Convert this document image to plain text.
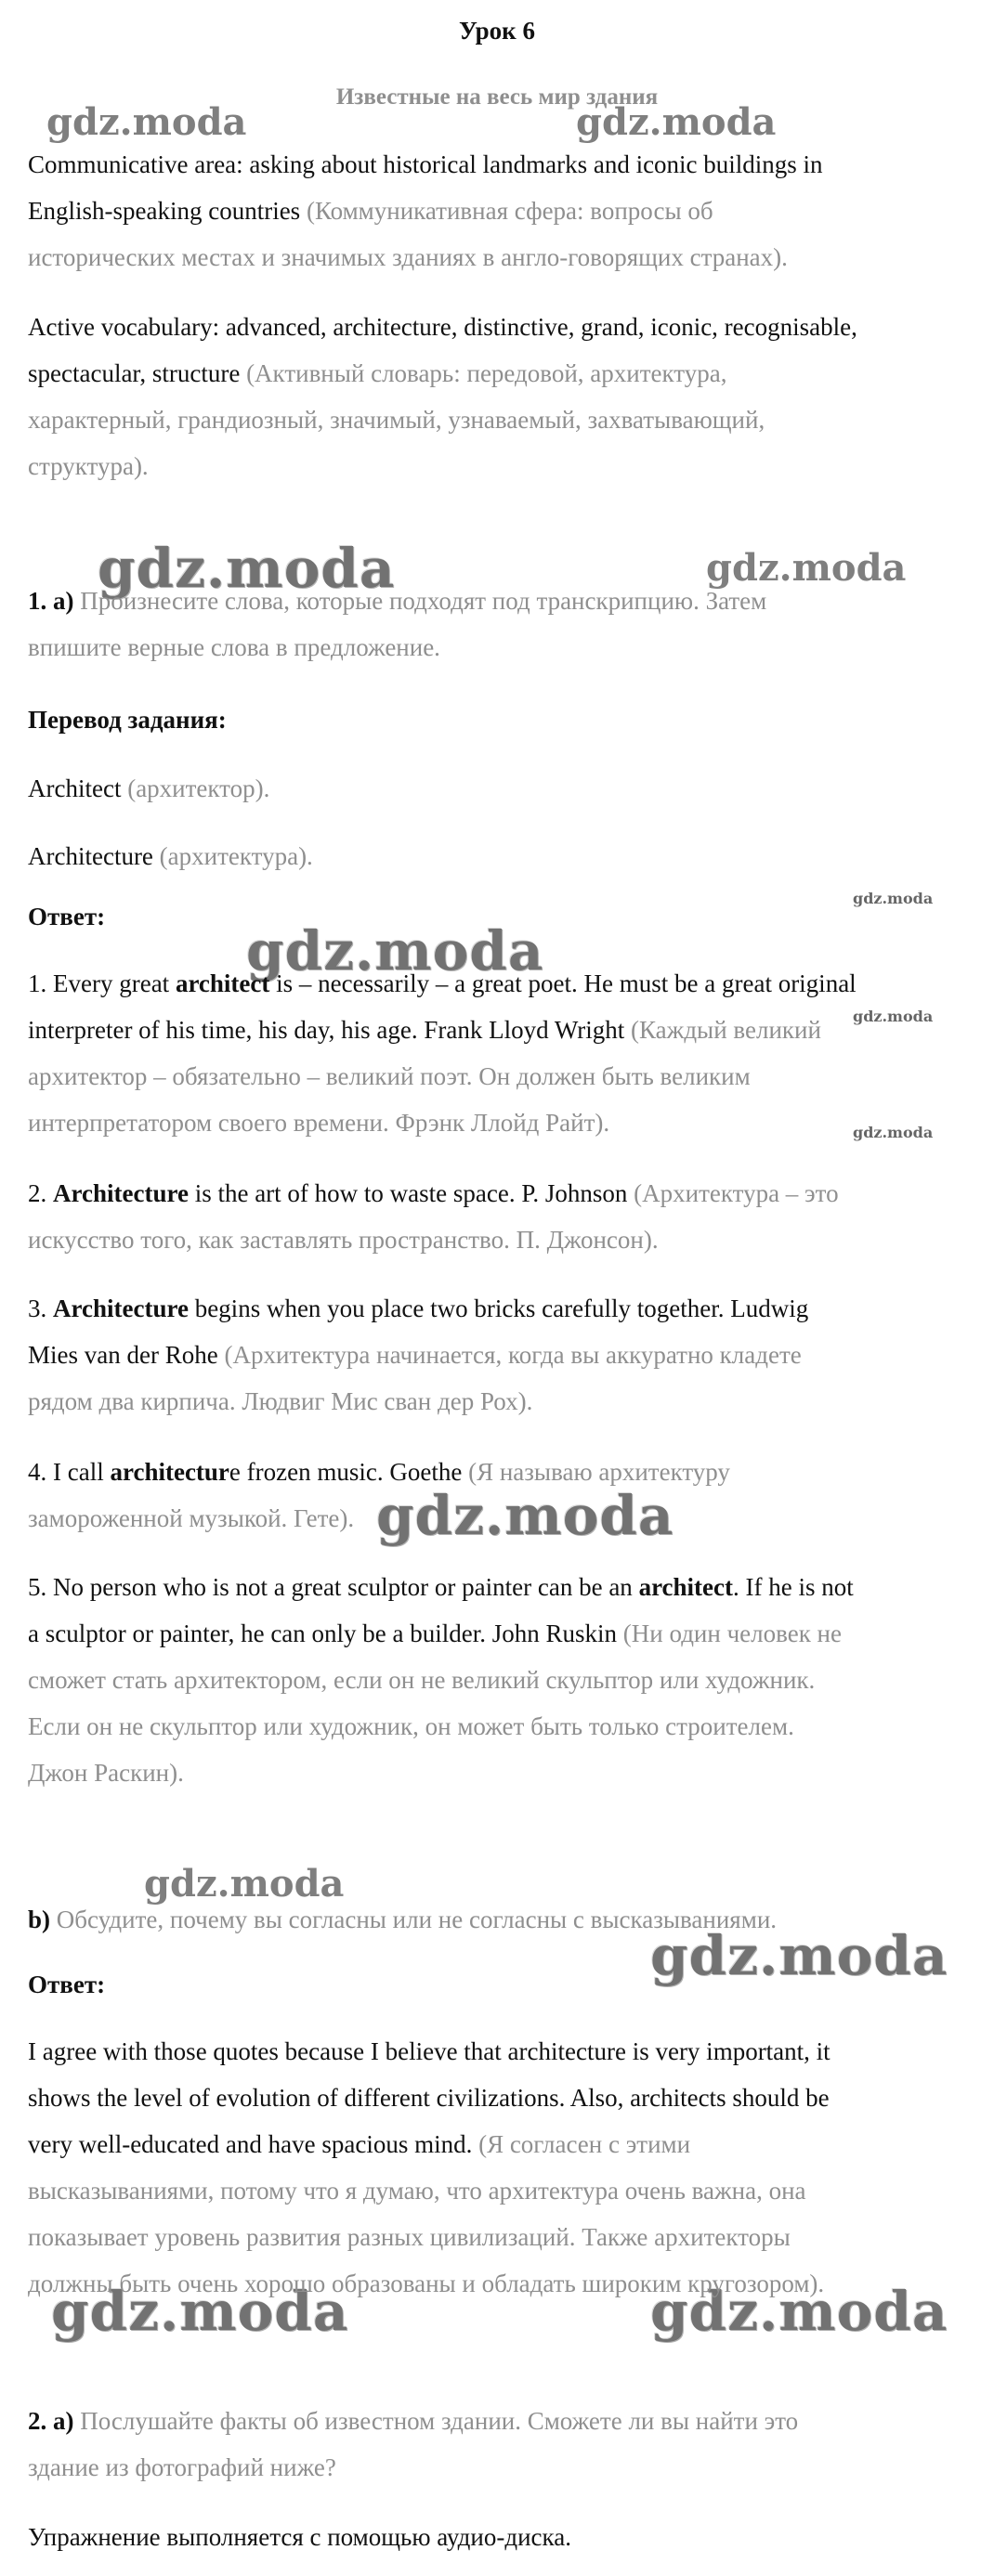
gdz.moda	gdz.moda
gdz.moda	gdz.moda
gdz.moda
gdz.moda
gdz.moda
gdz.moda
gdz.moda
gdz.moda
gdz.moda
gdz.moda	gdz.moda
Урок 6
Известные на весь мир здания
Communicative area: asking about historical landmarks and iconic buildings in
English-speaking countries (Коммуникативная сфера: вопросы об
исторических местах и значимых зданиях в англо-говорящих странах).
Active vocabulary: advanced, architecture, distinctive, grand, iconic, recognisable,
spectacular, structure (Активный словарь: передовой, архитектура,
характерный, грандиозный, значимый, узнаваемый, захватывающий,
структура).
1. а) Произнесите слова, которые подходят под транскрипцию. Затем
впишите верные слова в предложение.
Перевод задания:
Architect (архитектор).
Architecture (архитектура).
Ответ:
1. Every great architect is – necessarily – a great poet. He must be a great original
interpreter of his time, his day, his age. Frank Lloyd Wright (Каждый великий
архитектор – обязательно – великий поэт. Он должен быть великим
интерпретатором своего времени. Фрэнк Ллойд Райт).
2. Architecture is the art of how to waste space. P. Johnson (Архитектура – это
искусство того, как заставлять пространство. П. Джонсон).
3. Architecture begins when you place two bricks carefully together. Ludwig
Mies van der Rohe (Архитектура начинается, когда вы аккуратно кладете
рядом два кирпича. Людвиг Мис сван дер Рох).
4. I call architecture frozen music. Goethe (Я называю архитектуру
замороженной музыкой. Гете).
5. No person who is not a great sculptor or painter can be an architect. If he is not
a sculptor or painter, he can only be a builder. John Ruskin (Ни один человек не
сможет стать архитектором, если он не великий скульптор или художник.
Если он не скульптор или художник, он может быть только строителем.
Джон Раскин).
b) Обсудите, почему вы согласны или не согласны с высказываниями.
Ответ:
I agree with those quotes because I believe that architecture is very important, it
shows the level of evolution of different civilizations. Also, architects should be
very well-educated and have spacious mind. (Я согласен с этими
высказываниями, потому что я думаю, что архитектура очень важна, она
показывает уровень развития разных цивилизаций. Также архитекторы
должны быть очень хорошо образованы и обладать широким кругозором).
2. а) Послушайте факты об известном здании. Сможете ли вы найти это
здание из фотографий ниже?
Упражнение выполняется с помощью аудио-диска.
